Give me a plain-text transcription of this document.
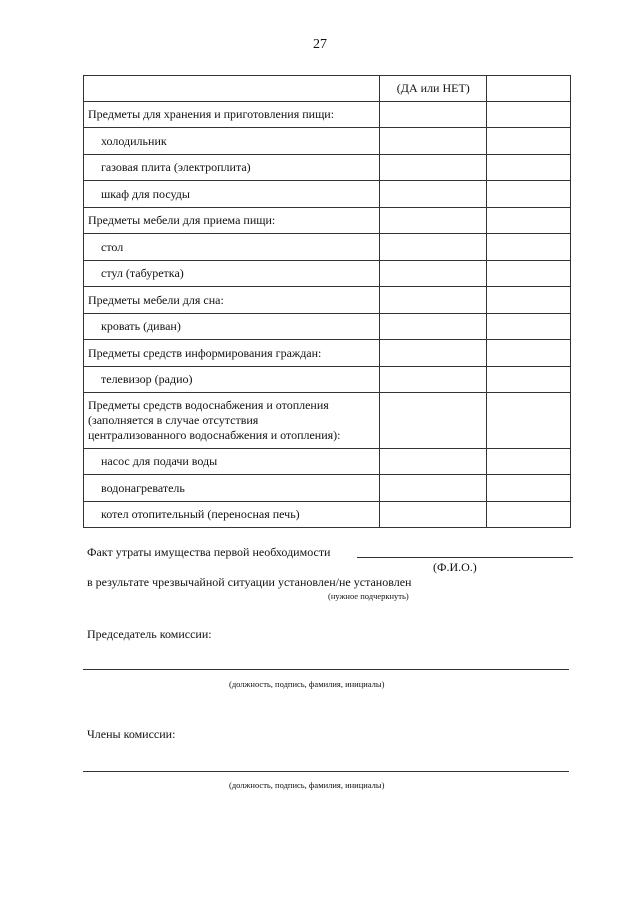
27
	(ДА или НЕТ)	
Предметы для хранения и приготовления пищи:		
холодильник		
газовая плита (электроплита)		
шкаф для посуды		
Предметы мебели для приема пищи:		
стол		
стул (табуретка)		
Предметы мебели для сна:		
кровать (диван)		
Предметы средств информирования граждан:		
телевизор (радио)		

Предметы средств водоснабжения и отопления
(заполняется в случае отсутствия
централизованного водоснабжения и отопления):		

насос для подачи воды		
водонагреватель		
котел отопительный (переносная печь)		
Факт утраты имущества первой необходимости
(Ф.И.О.)
в результате чрезвычайной ситуации установлен/не установлен
(нужное подчеркнуть)
Председатель комиссии:
(должность, подпись, фамилия, инициалы)
Члены комиссии:
(должность, подпись, фамилия, инициалы)
